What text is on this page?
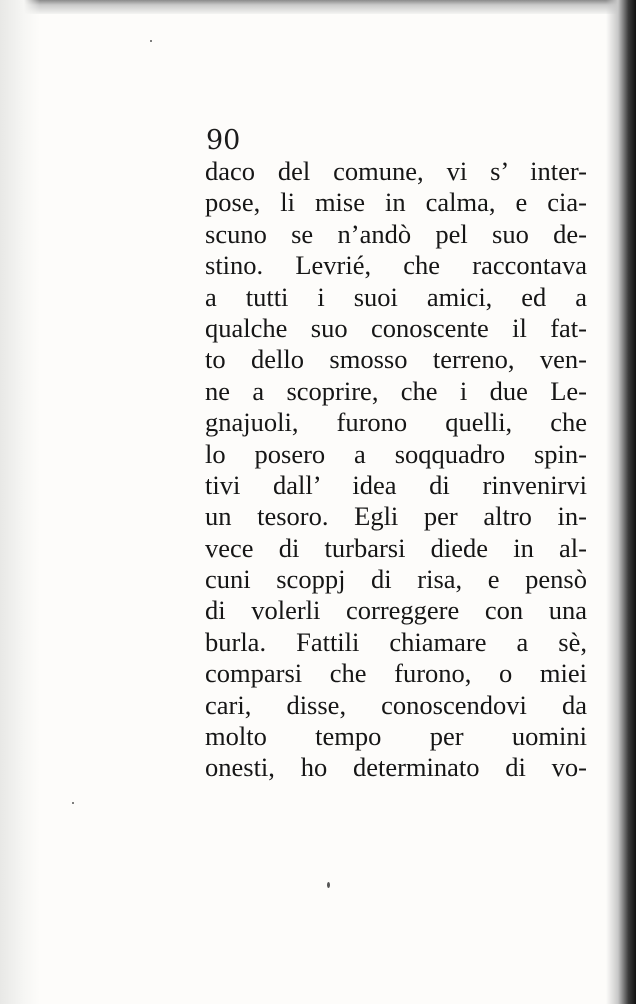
90
daco del comune, vi s’ inter-
pose, li mise in calma, e cia-
scuno se n’andò pel suo de-
stino. Levrié, che raccontava
a tutti i suoi amici, ed a
qualche suo conoscente il fat-
to dello smosso terreno, ven-
ne a scoprire, che i due Le-
gnajuoli, furono quelli, che
lo posero a soqquadro spin-
tivi dall’ idea di rinvenirvi
un tesoro. Egli per altro in-
vece di turbarsi diede in al-
cuni scoppj di risa, e pensò
di volerli correggere con una
burla. Fattili chiamare a sè,
comparsi che furono, o miei
cari, disse, conoscendovi da
molto tempo per uomini
onesti, ho determinato di vo-
